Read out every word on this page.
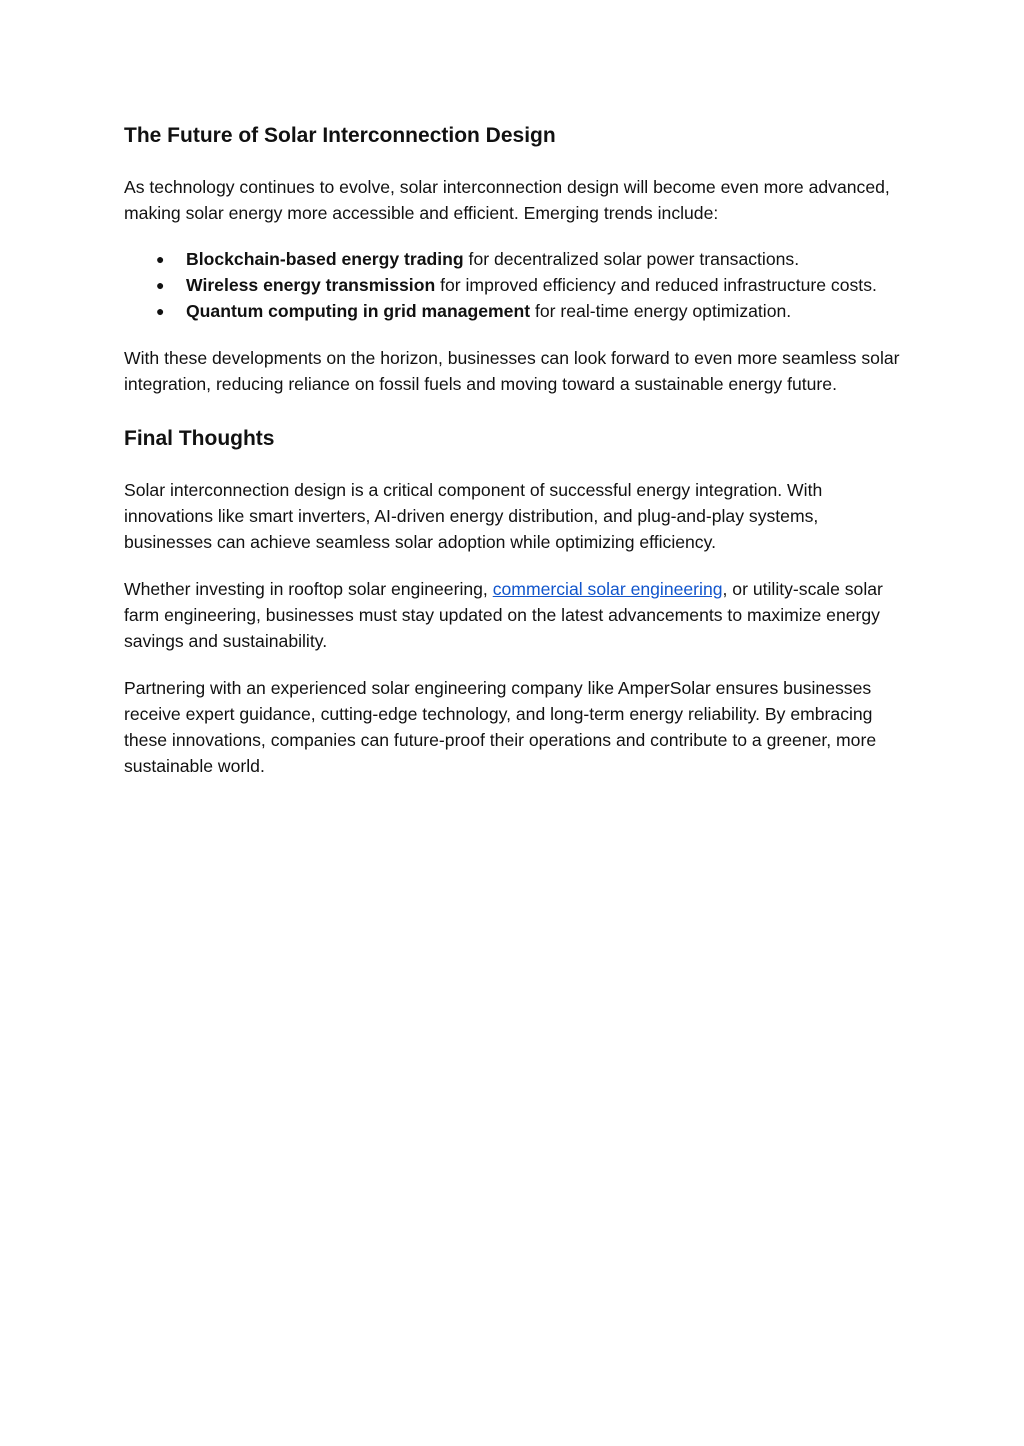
The Future of Solar Interconnection Design

As technology continues to evolve, solar interconnection design will become even more advanced, making solar energy more accessible and efficient. Emerging trends include:

● Blockchain-based energy trading for decentralized solar power transactions.
● Wireless energy transmission for improved efficiency and reduced infrastructure costs.
● Quantum computing in grid management for real-time energy optimization.

With these developments on the horizon, businesses can look forward to even more seamless solar integration, reducing reliance on fossil fuels and moving toward a sustainable energy future.

Final Thoughts

Solar interconnection design is a critical component of successful energy integration. With innovations like smart inverters, AI-driven energy distribution, and plug-and-play systems, businesses can achieve seamless solar adoption while optimizing efficiency.

Whether investing in rooftop solar engineering, commercial solar engineering, or utility-scale solar farm engineering, businesses must stay updated on the latest advancements to maximize energy savings and sustainability.

Partnering with an experienced solar engineering company like AmperSolar ensures businesses receive expert guidance, cutting-edge technology, and long-term energy reliability. By embracing these innovations, companies can future-proof their operations and contribute to a greener, more sustainable world.
